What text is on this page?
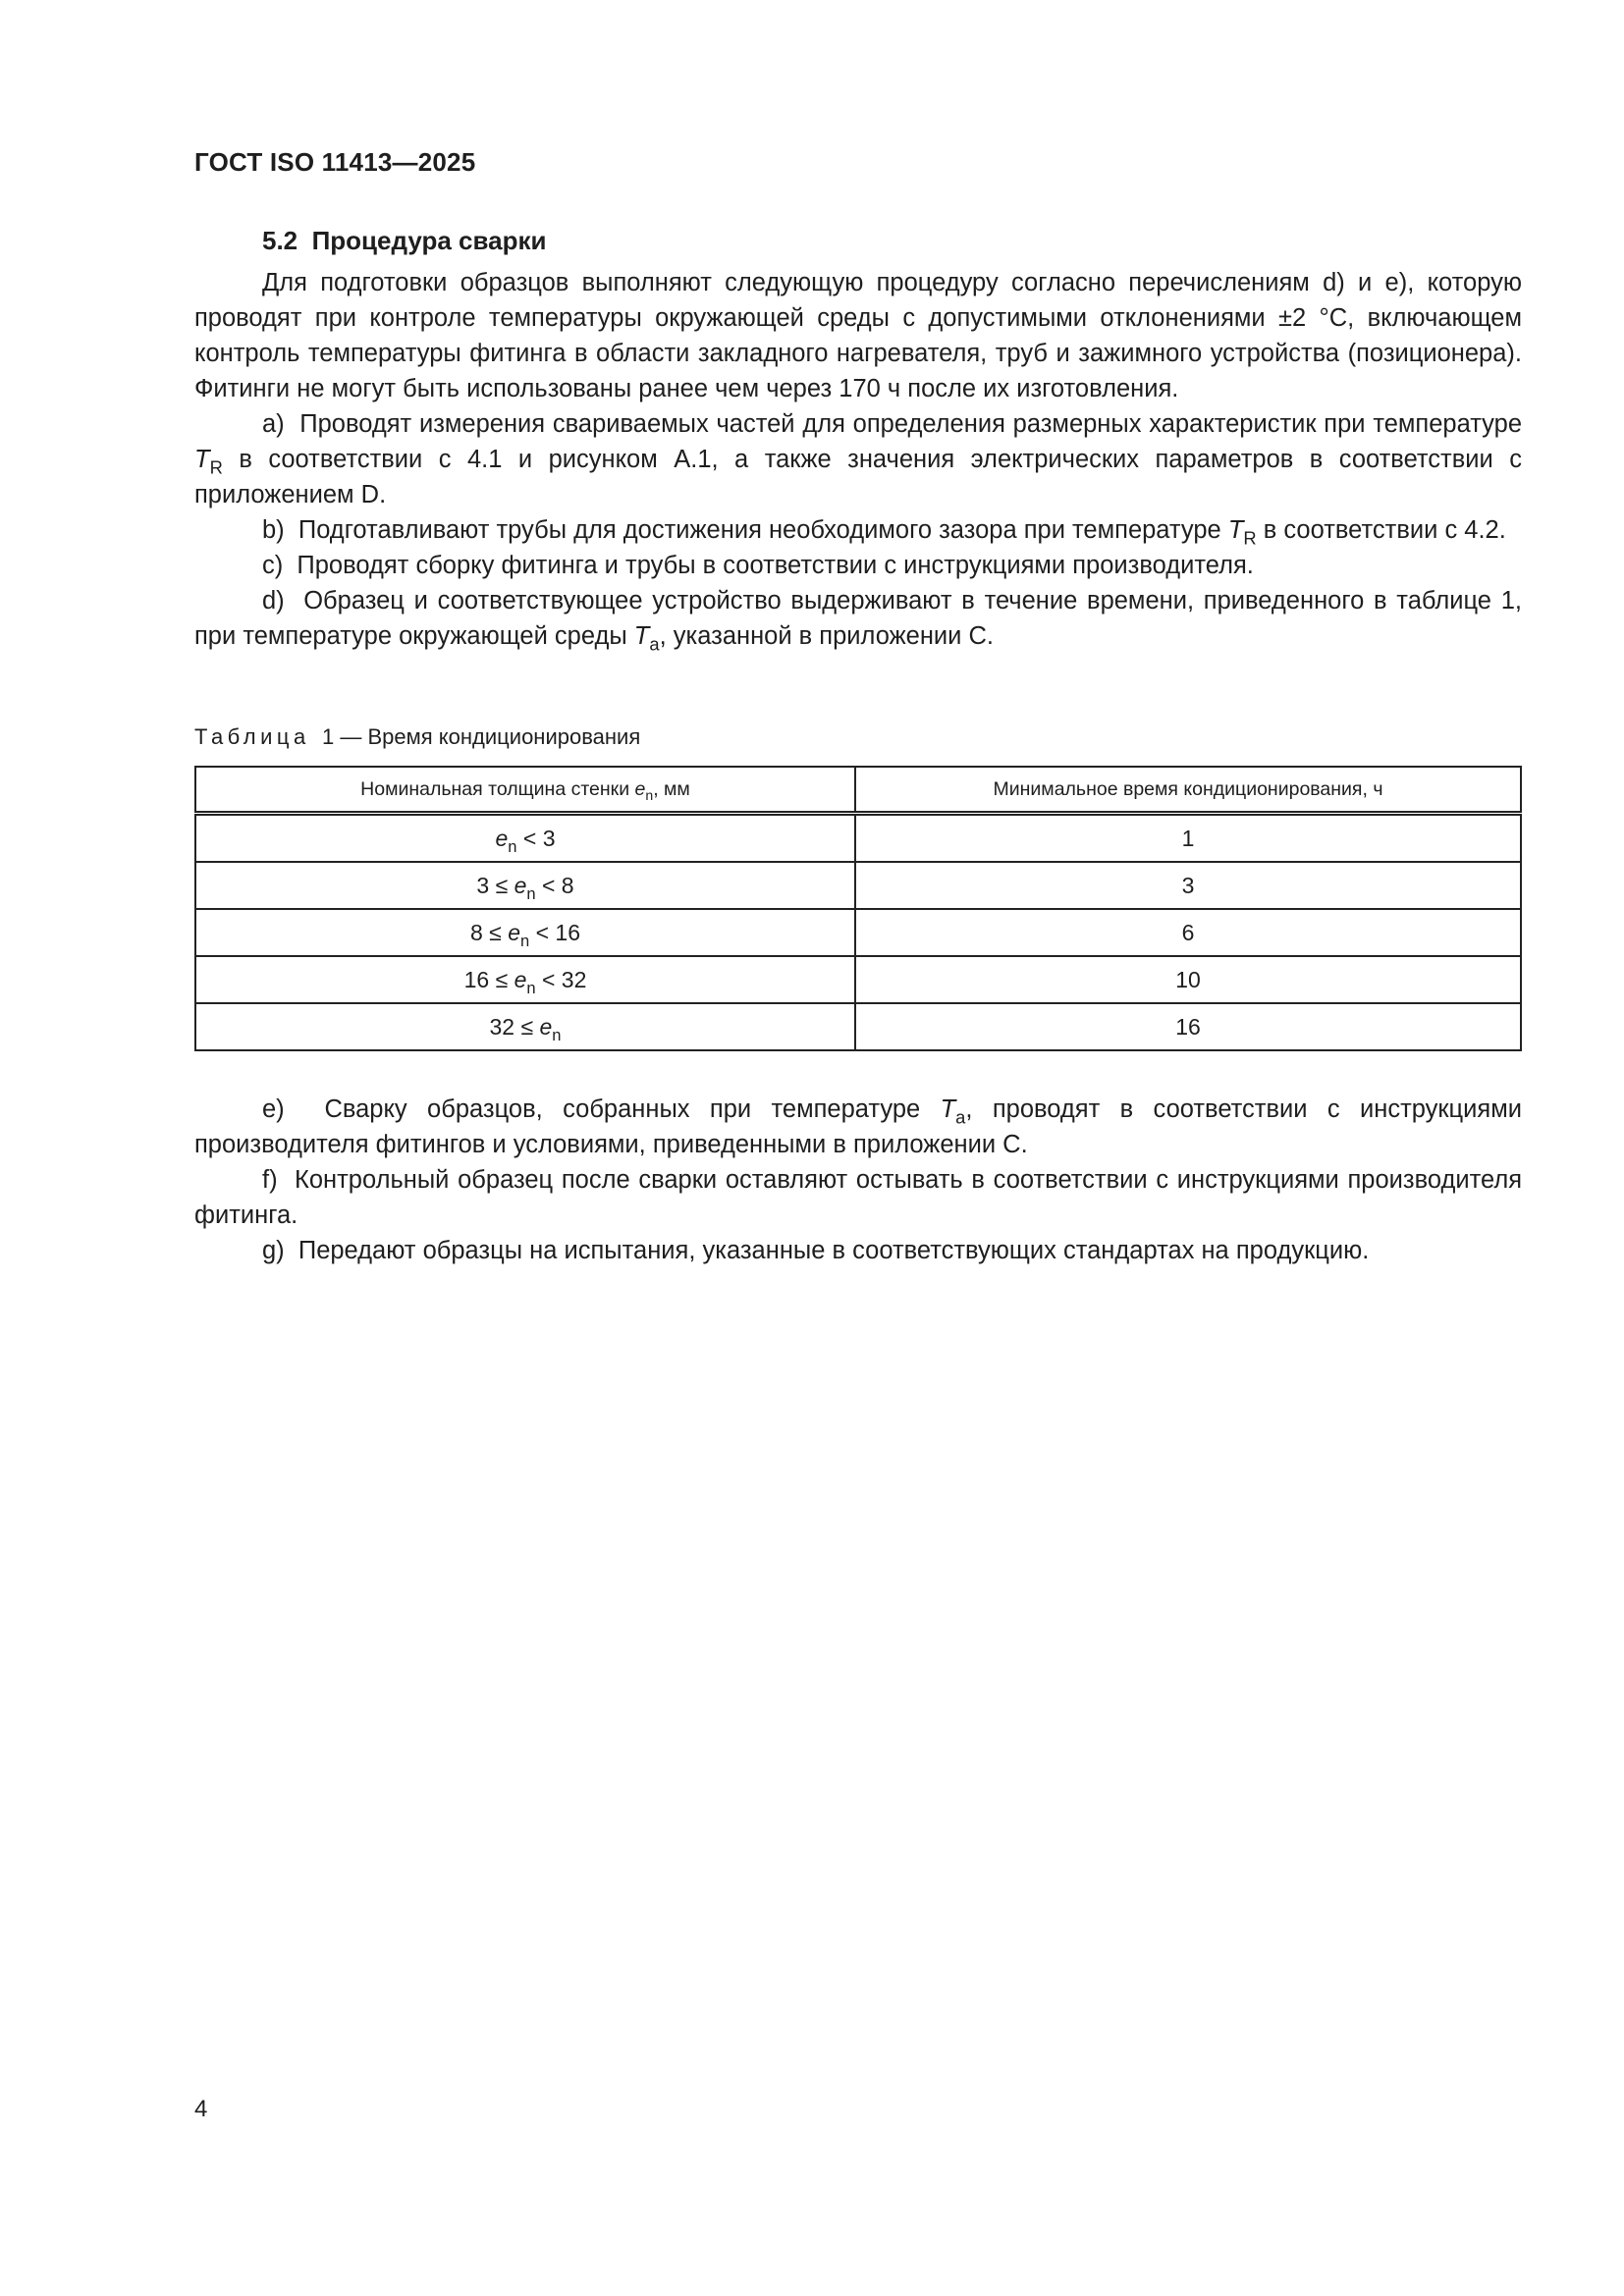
ГОСТ ISO 11413—2025
5.2 Процедура сварки

Для подготовки образцов выполняют следующую процедуру согласно перечислениям d) и e), которую проводят при контроле температуры окружающей среды с допустимыми отклонениями ±2 °C, включающем контроль температуры фитинга в области закладного нагревателя, труб и зажимного устройства (позиционера). Фитинги не могут быть использованы ранее чем через 170 ч после их изготовления.

a) Проводят измерения свариваемых частей для определения размерных характеристик при температуре $T_R$ в соответствии с 4.1 и рисунком A.1, а также значения электрических параметров в соответствии с приложением D.

b) Подготавливают трубы для достижения необходимого зазора при температуре $T_R$ в соответствии с 4.2.

c) Проводят сборку фитинга и трубы в соответствии с инструкциями производителя.

d) Образец и соответствующее устройство выдерживают в течение времени, приведенного в таблице 1, при температуре окружающей среды $T_a$, указанной в приложении C.

Таблица 1 — Время кондиционирования
Номинальная толщина стенки $e_n$, мм	Минимальное время кондиционирования, ч
$e_n < 3$	1
$3 \le e_n < 8$	3
$8 \le e_n < 16$	6
$16 \le e_n < 32$	10
$32 \le e_n$	16

e) Сварку образцов, собранных при температуре $T_a$, проводят в соответствии с инструкциями производителя фитингов и условиями, приведенными в приложении C.

f) Контрольный образец после сварки оставляют остывать в соответствии с инструкциями производителя фитинга.

g) Передают образцы на испытания, указанные в соответствующих стандартах на продукцию.

4
